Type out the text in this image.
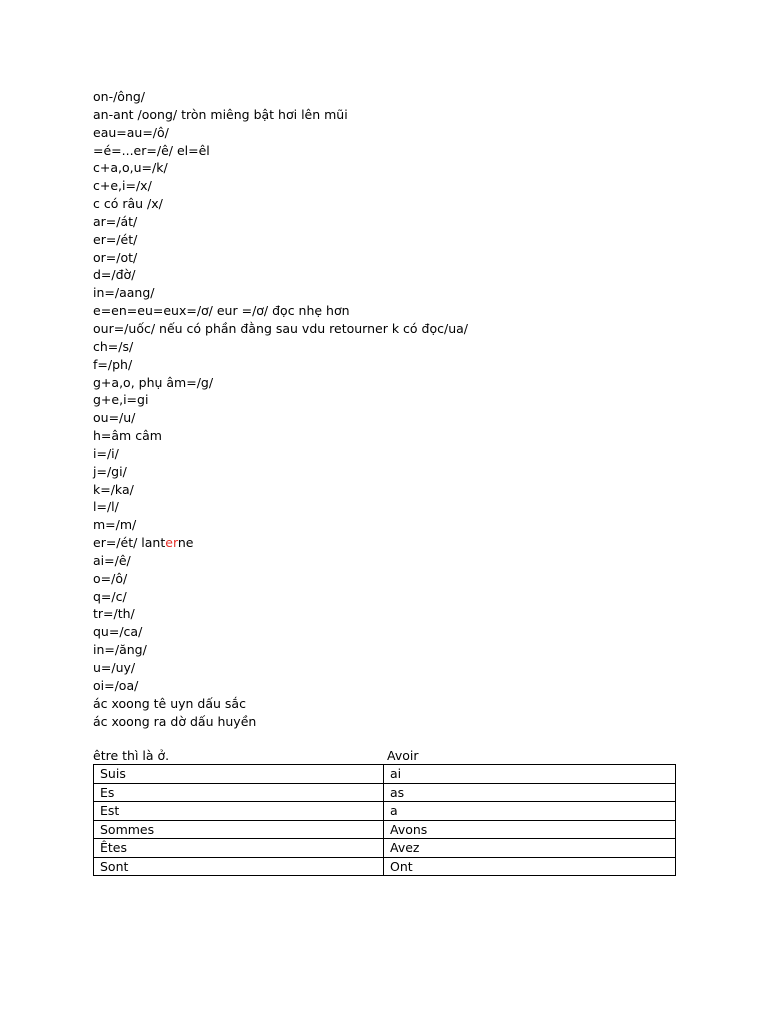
on-/ông/
an-ant /oong/ tròn miêng bật hơi lên mũi
eau=au=/ô/
=é=...er=/ê/ el=êl
c+a,o,u=/k/
c+e,i=/x/
c có râu /x/
ar=/át/
er=/ét/
or=/ot/
d=/đờ/
in=/aang/
e=en=eu=eux=/ơ/ eur =/ơ/ đọc nhẹ hơn
our=/uốc/ nếu có phần đằng sau vdu retourner k có đọc/ua/
ch=/s/
f=/ph/
g+a,o, phụ âm=/g/
g+e,i=gi
ou=/u/
h=âm câm
i=/i/
j=/gi/
k=/ka/
l=/l/
m=/m/
er=/ét/ lanterne
ai=/ê/
o=/ô/
q=/c/
tr=/th/
qu=/ca/
in=/ăng/
u=/uy/
oi=/oa/
ác xoong tê uyn dấu sắc
ác xoong ra dờ dấu huyền
être thì là ở.	Avoir
Suis	ai
Es	as
Est	a
Sommes	Avons
Êtes	Avez
Sont	Ont
